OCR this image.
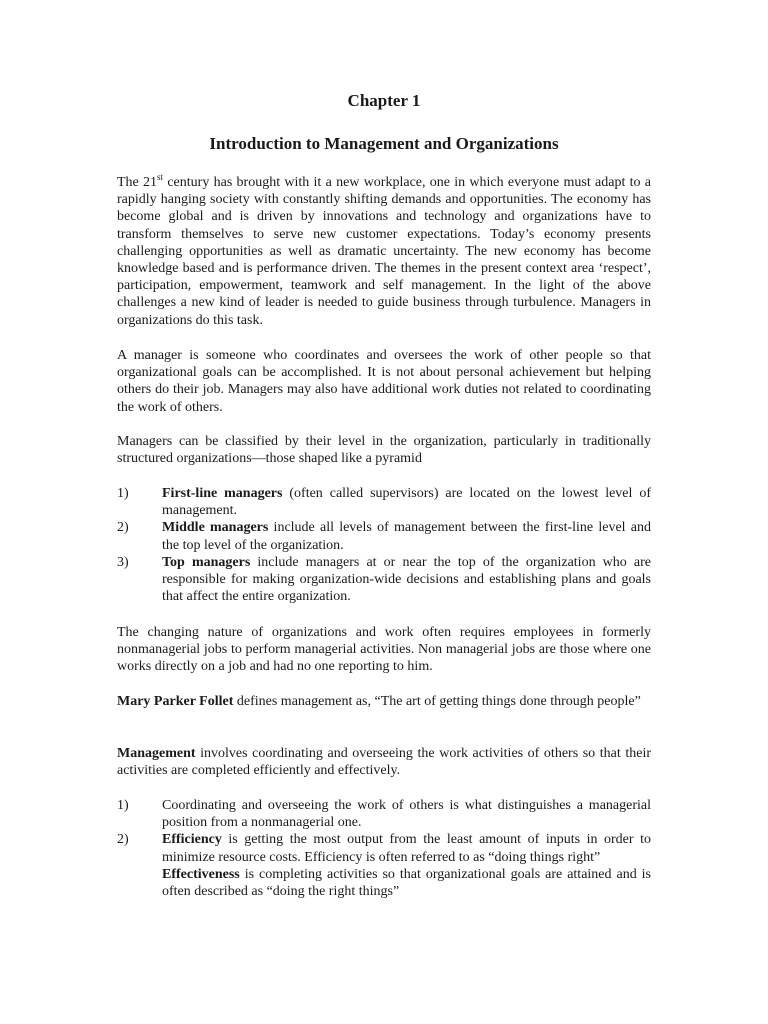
Chapter 1
Introduction to Management and Organizations

The 21st century has brought with it a new workplace, one in which everyone must adapt to a rapidly hanging society with constantly shifting demands and opportunities. The economy has become global and is driven by innovations and technology and organizations have to transform themselves to serve new customer expectations. Today’s economy presents challenging opportunities as well as dramatic uncertainty. The new economy has become knowledge based and is performance driven. The themes in the present context area ‘respect’, participation, empowerment, teamwork and self management. In the light of the above challenges a new kind of leader is needed to guide business through turbulence. Managers in organizations do this task.

A manager is someone who coordinates and oversees the work of other people so that organizational goals can be accomplished. It is not about personal achievement but helping others do their job. Managers may also have additional work duties not related to coordinating the work of others.

Managers can be classified by their level in the organization, particularly in traditionally structured organizations—those shaped like a pyramid

1) First-line managers (often called supervisors) are located on the lowest level of management.
2) Middle managers include all levels of management between the first-line level and the top level of the organization.
3) Top managers include managers at or near the top of the organization who are responsible for making organization-wide decisions and establishing plans and goals that affect the entire organization.

The changing nature of organizations and work often requires employees in formerly nonmanagerial jobs to perform managerial activities. Non managerial jobs are those where one works directly on a job and had no one reporting to him.

Mary Parker Follet defines management as, “The art of getting things done through people”

Management involves coordinating and overseeing the work activities of others so that their activities are completed efficiently and effectively.

1) Coordinating and overseeing the work of others is what distinguishes a managerial position from a nonmanagerial one.
2) Efficiency is getting the most output from the least amount of inputs in order to minimize resource costs. Efficiency is often referred to as “doing things right”
Effectiveness is completing activities so that organizational goals are attained and is often described as “doing the right things”
